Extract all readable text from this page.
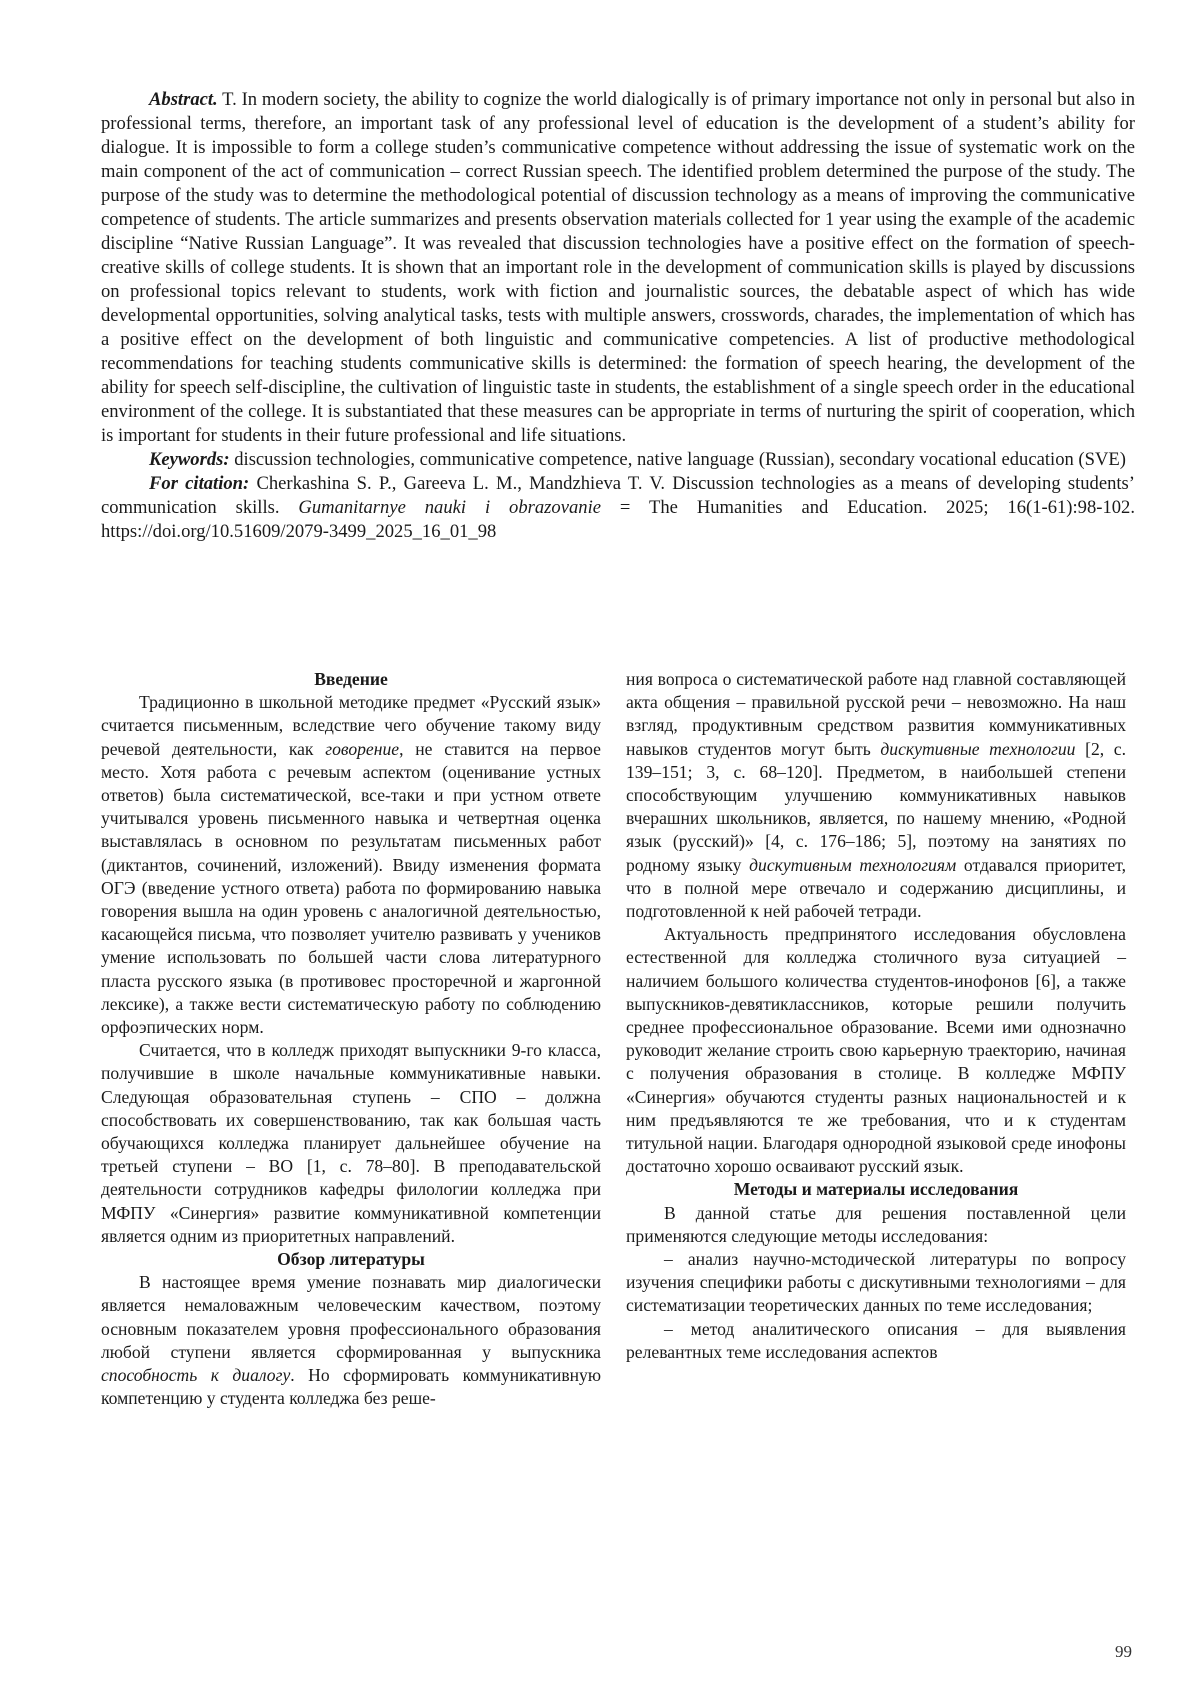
Abstract. T. In modern society, the ability to cognize the world dialogically is of primary importance not only in personal but also in professional terms, therefore, an important task of any professional level of education is the development of a student’s ability for dialogue. It is impossible to form a college studen’s communicative competence without addressing the issue of systematic work on the main component of the act of communication – correct Russian speech. The identified problem determined the purpose of the study. The purpose of the study was to determine the methodological potential of discussion technology as a means of improving the communicative competence of students. The article summarizes and presents observation materials collected for 1 year using the example of the academic discipline “Native Russian Language”. It was revealed that discussion technologies have a positive effect on the formation of speech-creative skills of college students. It is shown that an important role in the development of communication skills is played by discussions on professional topics relevant to students, work with fiction and journalistic sources, the debatable aspect of which has wide developmental opportunities, solving analytical tasks, tests with multiple answers, crosswords, charades, the implementation of which has a positive effect on the development of both linguistic and communicative competencies. A list of productive methodological recommendations for teaching students communicative skills is determined: the formation of speech hearing, the development of the ability for speech self-discipline, the cultivation of linguistic taste in students, the establishment of a single speech order in the educational environment of the college. It is substantiated that these measures can be appropriate in terms of nurturing the spirit of cooperation, which is important for students in their future professional and life situations.

Keywords: discussion technologies, communicative competence, native language (Russian), secondary vocational education (SVE)

For citation: Cherkashina S. P., Gareeva L. M., Mandzhieva T. V. Discussion technologies as a means of developing students’ communication skills. Gumanitarnye nauki i obrazovanie = The Humanities and Education. 2025; 16(1-61):98-102. https://doi.org/10.51609/2079-3499_2025_16_01_98

Введение

Традиционно в школьной методике предмет «Русский язык» считается письменным, вследствие чего обучение такому виду речевой деятельности, как говорение, не ставится на первое место. Хотя работа с речевым аспектом (оценивание устных ответов) была систематической, все-таки и при устном ответе учитывался уровень письменного навыка и четвертная оценка выставлялась в основном по результатам письменных работ (диктантов, сочинений, изложений). Ввиду изменения формата ОГЭ (введение устного ответа) работа по формированию навыка говорения вышла на один уровень с аналогичной деятельностью, касающейся письма, что позволяет учителю развивать у учеников умение использовать по большей части слова литературного пласта русского языка (в противовес просторечной и жаргонной лексике), а также вести систематическую работу по соблюдению орфоэпических норм.

Считается, что в колледж приходят выпускники 9-го класса, получившие в школе начальные коммуникативные навыки. Следующая образовательная ступень – СПО – должна способствовать их совершенствованию, так как большая часть обучающихся колледжа планирует дальнейшее обучение на третьей ступени – ВО [1, с. 78–80]. В преподавательской деятельности сотрудников кафедры филологии колледжа при МФПУ «Синергия» развитие коммуникативной компетенции является одним из приоритетных направлений.

Обзор литературы

В настоящее время умение познавать мир диалогически является немаловажным человеческим качеством, поэтому основным показателем уровня профессионального образования любой ступени является сформированная у выпускника способность к диалогу. Но сформировать коммуникативную компетенцию у студента колледжа без реше-

ния вопроса о систематической работе над главной составляющей акта общения – правильной русской речи – невозможно. На наш взгляд, продуктивным средством развития коммуникативных навыков студентов могут быть дискутивные технологии [2, с. 139–151; 3, с. 68–120]. Предметом, в наибольшей степени способствующим улучшению коммуникативных навыков вчерашних школьников, является, по нашему мнению, «Родной язык (русский)» [4, с. 176–186; 5], поэтому на занятиях по родному языку дискутивным технологиям отдавался приоритет, что в полной мере отвечало и содержанию дисциплины, и подготовленной к ней рабочей тетради.

Актуальность предпринятого исследования обусловлена естественной для колледжа столичного вуза ситуацией – наличием большого количества студентов-инофонов [6], а также выпускников-девятиклассников, которые решили получить среднее профессиональное образование. Всеми ими однозначно руководит желание строить свою карьерную траекторию, начиная с получения образования в столице. В колледже МФПУ «Синергия» обучаются студенты разных национальностей и к ним предъявляются те же требования, что и к студентам титульной нации. Благодаря однородной языковой среде инофоны достаточно хорошо осваивают русский язык.

Методы и материалы исследования

В данной статье для решения поставленной цели применяются следующие методы исследования:

– анализ научно-мстодической литературы по вопросу изучения специфики работы с дискутивными технологиями – для систематизации теоретических данных по теме исследования;

– метод аналитического описания – для выявления релевантных теме исследования аспектов

99
